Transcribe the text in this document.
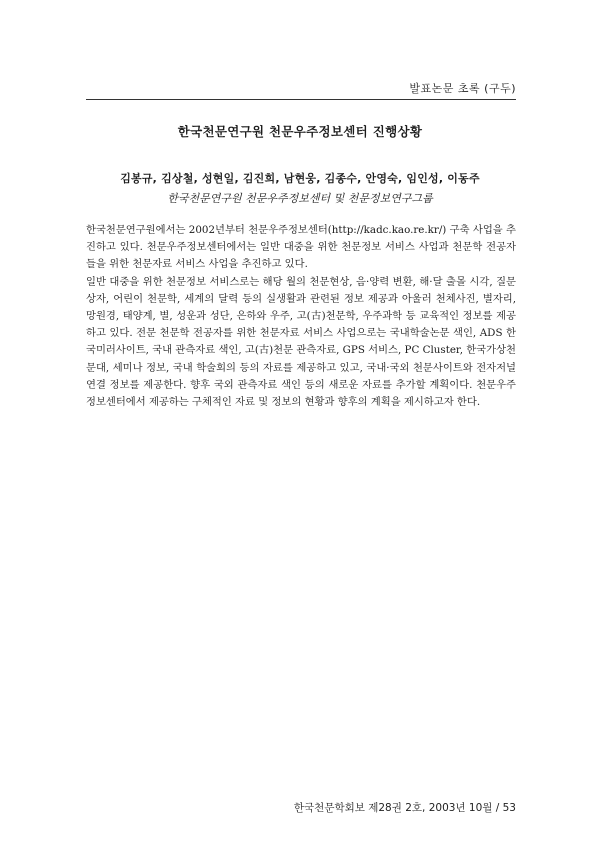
발표논문 초록 (구두)
한국천문연구원 천문우주정보센터 진행상황
김봉규, 김상철, 성현일, 김진희, 남현웅, 김종수, 안영숙, 임인성, 이동주
한국천문연구원 천문우주정보센터 및 천문정보연구그룹

한국천문연구원에서는 2002년부터 천문우주정보센터(http://kadc.kao.re.kr/) 구축 사업을 추진하고 있다. 천문우주정보센터에서는 일반 대중을 위한 천문정보 서비스 사업과 천문학 전공자들을 위한 천문자료 서비스 사업을 추진하고 있다.

일반 대중을 위한 천문정보 서비스로는 해당 월의 천문현상, 음·양력 변환, 해·달 출몰 시각, 질문상자, 어린이 천문학, 세계의 달력 등의 실생활과 관련된 정보 제공과 아울러 천체사진, 별자리, 망원경, 태양계, 별, 성운과 성단, 은하와 우주, 고(古)천문학, 우주과학 등 교육적인 정보를 제공하고 있다. 전문 천문학 전공자를 위한 천문자료 서비스 사업으로는 국내학술논문 색인, ADS 한국미러사이트, 국내 관측자료 색인, 고(古)천문 관측자료, GPS 서비스, PC Cluster, 한국가상천문대, 세미나 정보, 국내 학술회의 등의 자료를 제공하고 있고, 국내·국외 천문사이트와 전자저널 연결 정보를 제공한다. 향후 국외 관측자료 색인 등의 새로운 자료를 추가할 계획이다. 천문우주정보센터에서 제공하는 구체적인 자료 및 정보의 현황과 향후의 계획을 제시하고자 한다.

한국천문학회보 제28권 2호, 2003년 10월 / 53
